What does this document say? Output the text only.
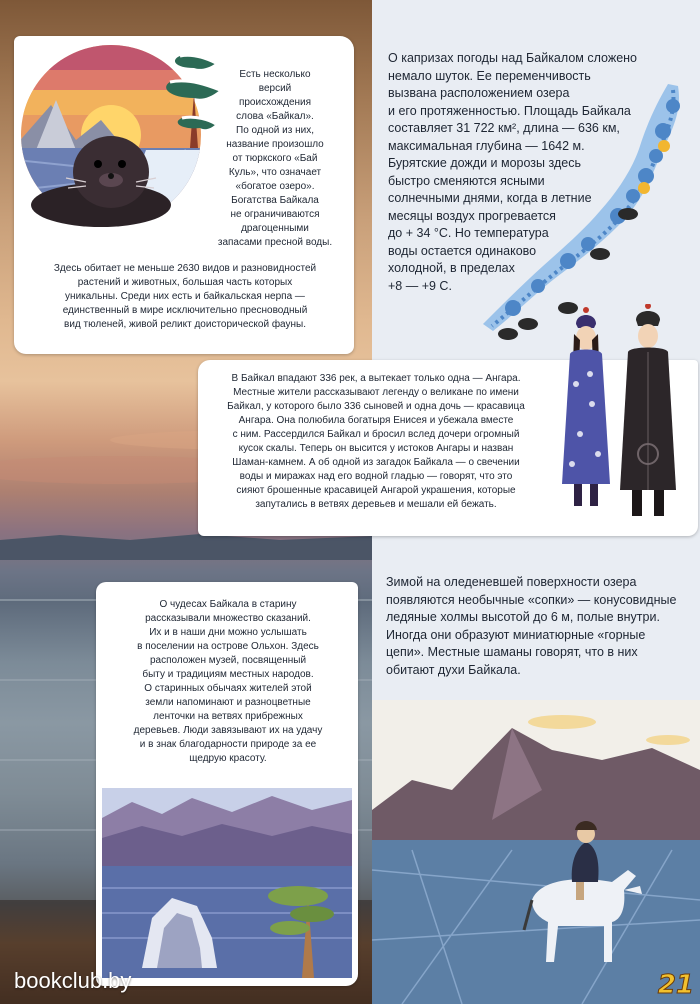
Есть несколько
версий
происхождения
слова «Байкал».
По одной из них,
название произошло
от тюркского «Бай
Куль», что означает
«богатое озеро».
Богатства Байкала
не ограничиваются
драгоценными
запасами пресной воды.
Здесь обитает не меньше 2630 видов и разновидностей
растений и животных, большая часть которых
уникальны. Среди них есть и байкальская нерпа —
единственный в мире исключительно пресноводный
вид тюленей, живой реликт доисторической фауны.
О капризах погоды над Байкалом сложено
немало шуток. Ее переменчивость
вызвана расположением озера
и его протяженностью. Площадь Байкала
составляет 31 722 км², длина — 636 км,
максимальная глубина — 1642 м.
Бурятские дожди и морозы здесь
быстро сменяются ясными
солнечными днями, когда в летние
месяцы воздух прогревается
до + 34 °С. Но температура
воды остается одинаково
холодной, в пределах
+8 — +9 С.
В Байкал впадают 336 рек, а вытекает только одна — Ангара.
Местные жители рассказывают легенду о великане по имени
Байкал, у которого было 336 сыновей и одна дочь — красавица
Ангара. Она полюбила богатыря Енисея и убежала вместе
с ним. Рассердился Байкал и бросил вслед дочери огромный
кусок скалы. Теперь он высится у истоков Ангары и назван
Шаман-камнем. А об одной из загадок Байкала — о свечении
воды и миражах над его водной гладью — говорят, что это
сияют брошенные красавицей Ангарой украшения, которые
запутались в ветвях деревьев и мешали ей бежать.
О чудесах Байкала в старину
рассказывали множество сказаний.
Их и в наши дни можно услышать
в поселении на острове Ольхон. Здесь
расположен музей, посвященный
быту и традициям местных народов.
О старинных обычаях жителей этой
земли напоминают и разноцветные
ленточки на ветвях прибрежных
деревьев. Люди завязывают их на удачу
и в знак благодарности природе за ее
щедрую красоту.
Зимой на оледеневшей поверхности озера
появляются необычные «сопки» — конусовидные
ледяные холмы высотой до 6 м, полые внутри.
Иногда они образуют миниатюрные «горные
цепи». Местные шаманы говорят, что в них
обитают духи Байкала.
bookclub.by	21
